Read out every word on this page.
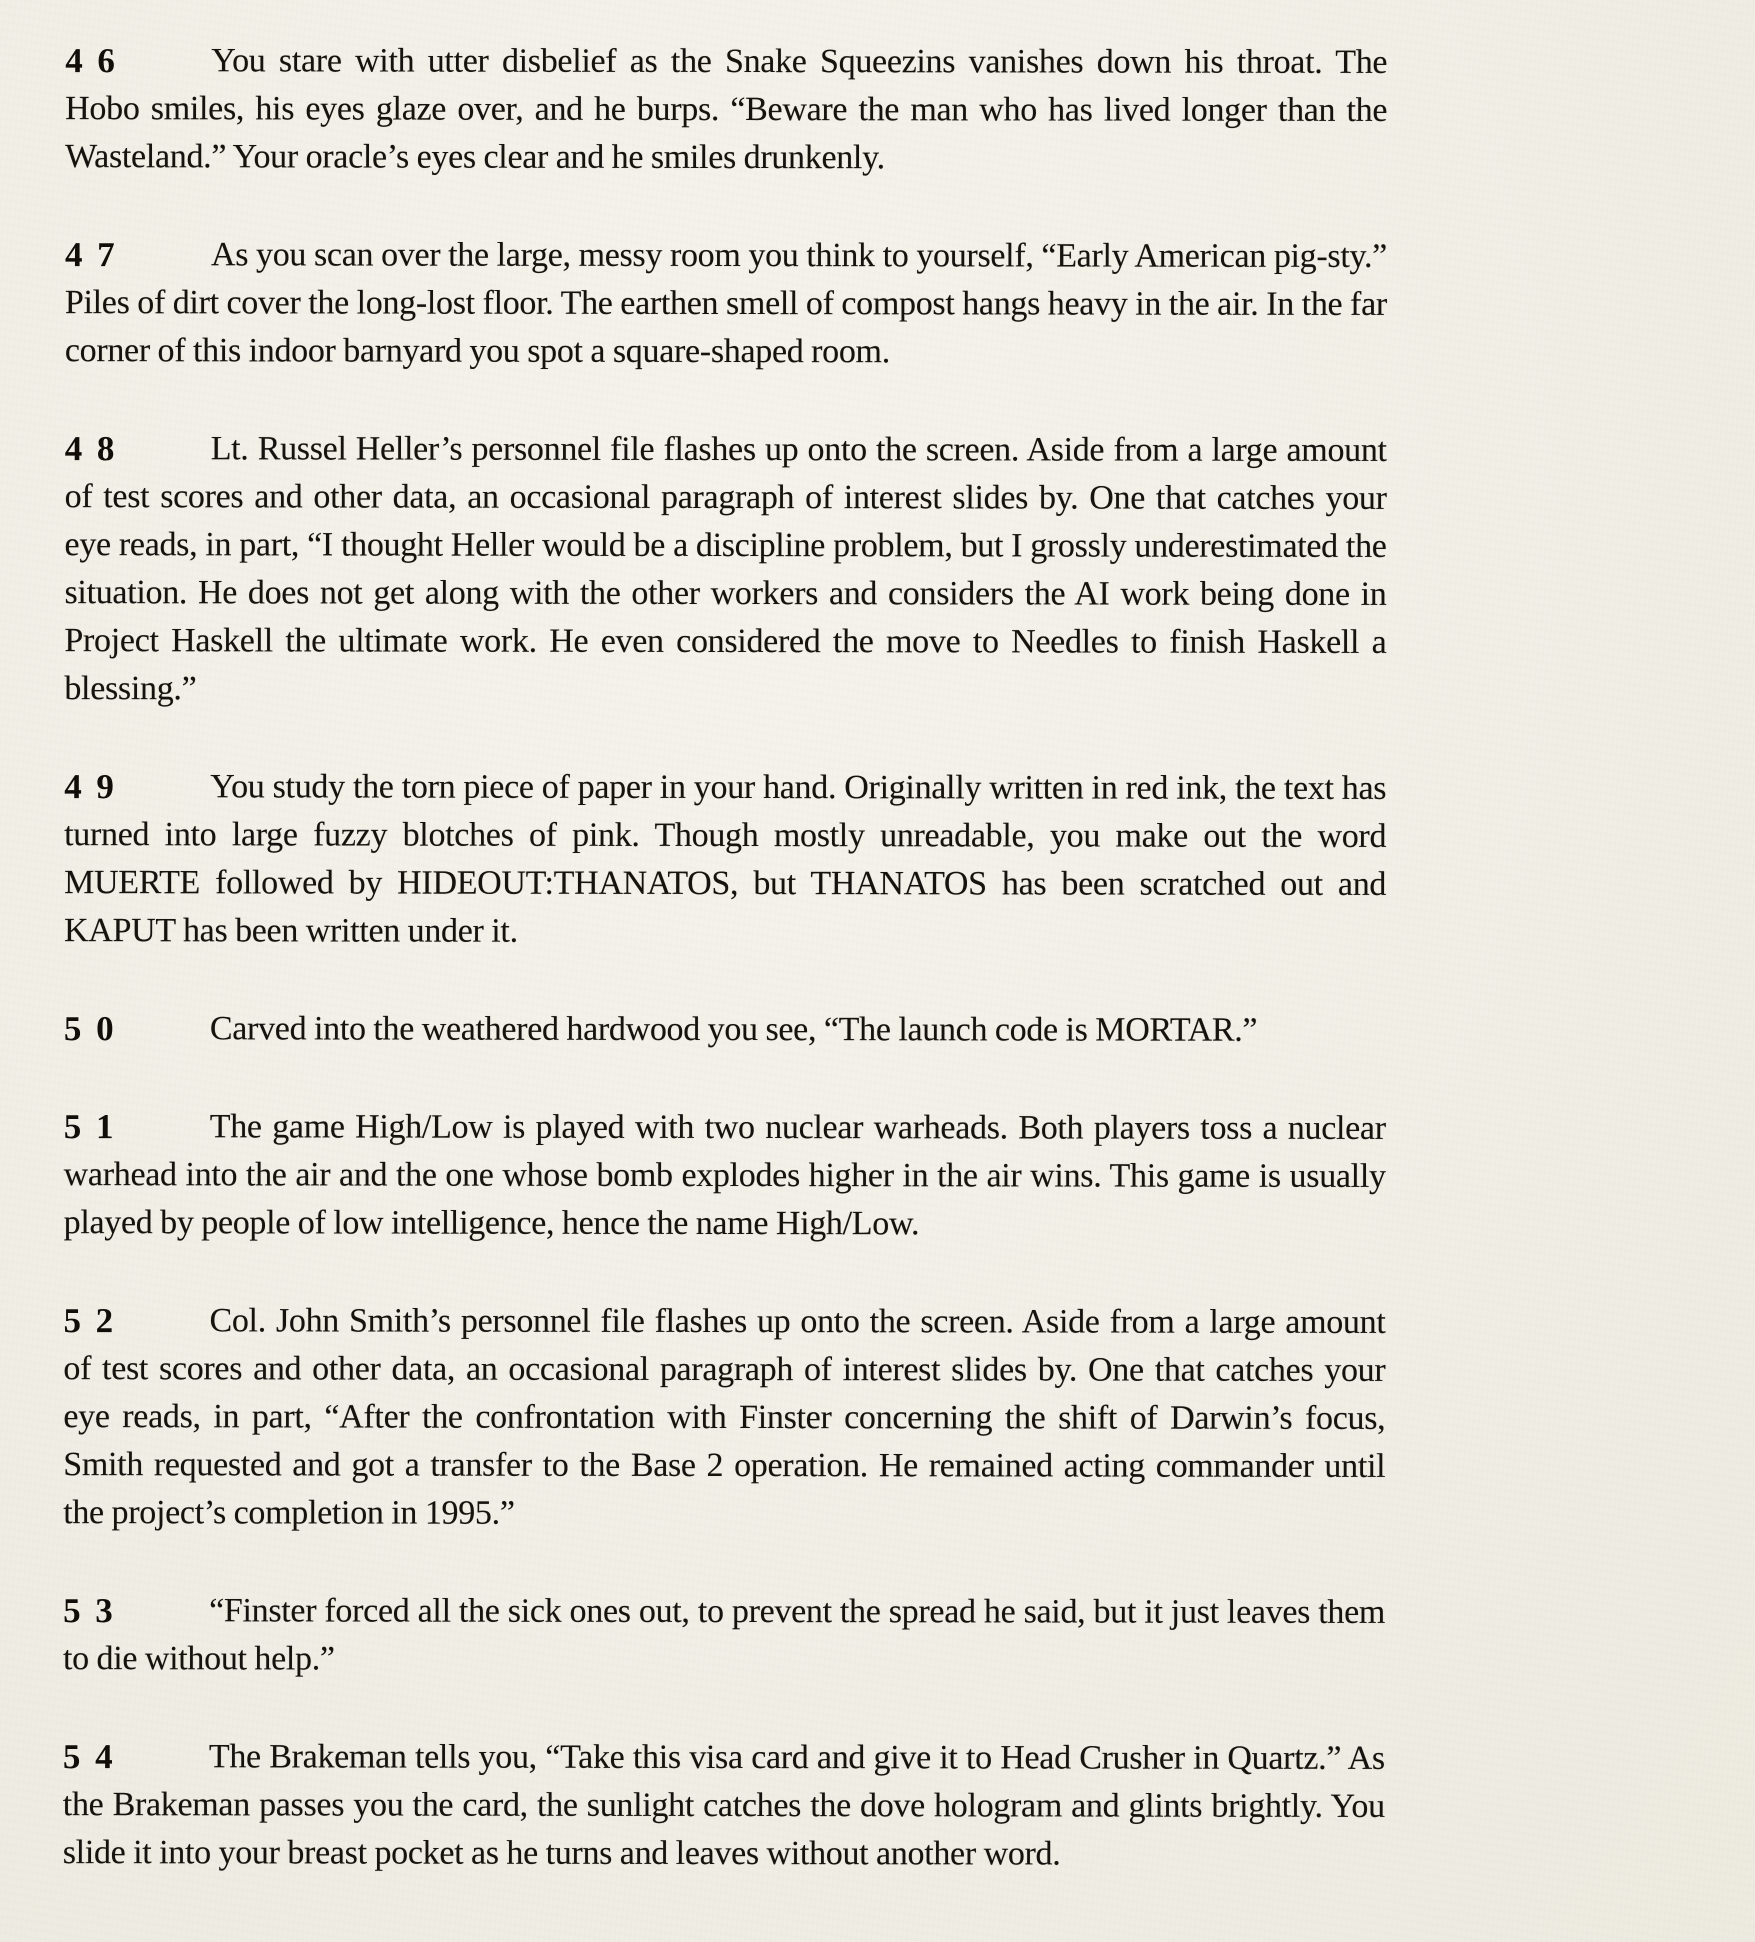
46	You stare with utter disbelief as the Snake Squeezins vanishes down his throat. The Hobo smiles, his eyes glaze over, and he burps. “Beware the man who has lived longer than the Wasteland.” Your oracle’s eyes clear and he smiles drunkenly.

47	As you scan over the large, messy room you think to yourself, “Early American pig-sty.” Piles of dirt cover the long-lost floor. The earthen smell of compost hangs heavy in the air. In the far corner of this indoor barnyard you spot a square-shaped room.

48	Lt. Russel Heller’s personnel file flashes up onto the screen. Aside from a large amount of test scores and other data, an occasional paragraph of interest slides by. One that catches your eye reads, in part, “I thought Heller would be a discipline problem, but I grossly underestimated the situation. He does not get along with the other workers and considers the AI work being done in Project Haskell the ultimate work. He even considered the move to Needles to finish Haskell a blessing.”

49	You study the torn piece of paper in your hand. Originally written in red ink, the text has turned into large fuzzy blotches of pink. Though mostly unreadable, you make out the word MUERTE followed by HIDEOUT:THANATOS, but THANATOS has been scratched out and KAPUT has been written under it.

50	Carved into the weathered hardwood you see, “The launch code is MORTAR.”

51	The game High/Low is played with two nuclear warheads. Both players toss a nuclear warhead into the air and the one whose bomb explodes higher in the air wins. This game is usually played by people of low intelligence, hence the name High/Low.

52	Col. John Smith’s personnel file flashes up onto the screen. Aside from a large amount of test scores and other data, an occasional paragraph of interest slides by. One that catches your eye reads, in part, “After the confrontation with Finster concerning the shift of Darwin’s focus, Smith requested and got a transfer to the Base 2 operation. He remained acting commander until the project’s completion in 1995.”

53	“Finster forced all the sick ones out, to prevent the spread he said, but it just leaves them to die without help.”

54	The Brakeman tells you, “Take this visa card and give it to Head Crusher in Quartz.” As the Brakeman passes you the card, the sunlight catches the dove hologram and glints brightly. You slide it into your breast pocket as he turns and leaves without another word.
